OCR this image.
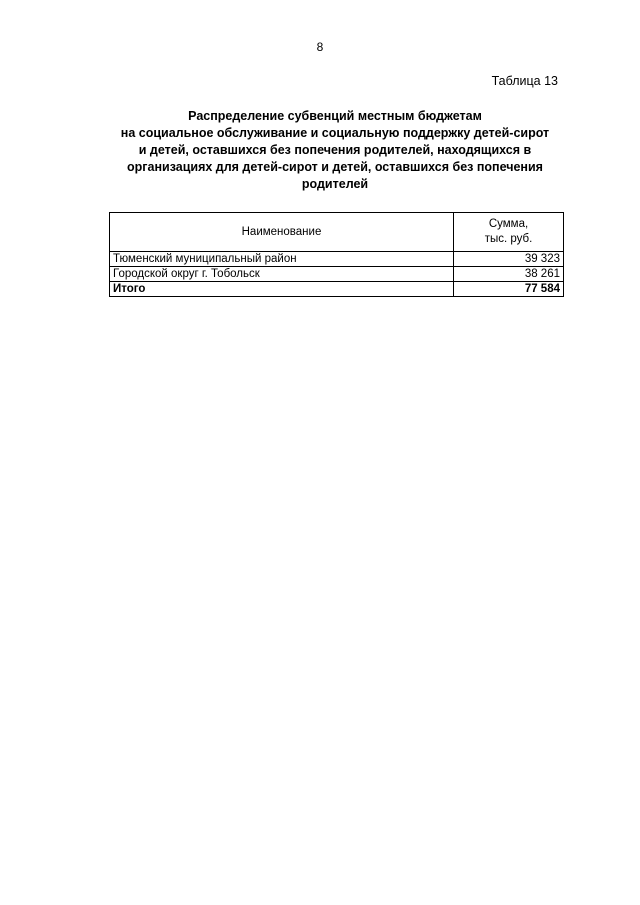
8
Таблица 13
Распределение субвенций местным бюджетам
на социальное обслуживание и социальную поддержку детей-сирот
и детей, оставшихся без попечения родителей, находящихся в
организациях для детей-сирот и детей, оставшихся без попечения
родителей
Наименование	Сумма,
тыс. руб.

Тюменский муниципальный район	39 323
Городской округ г. Тобольск	38 261
Итого	77 584
